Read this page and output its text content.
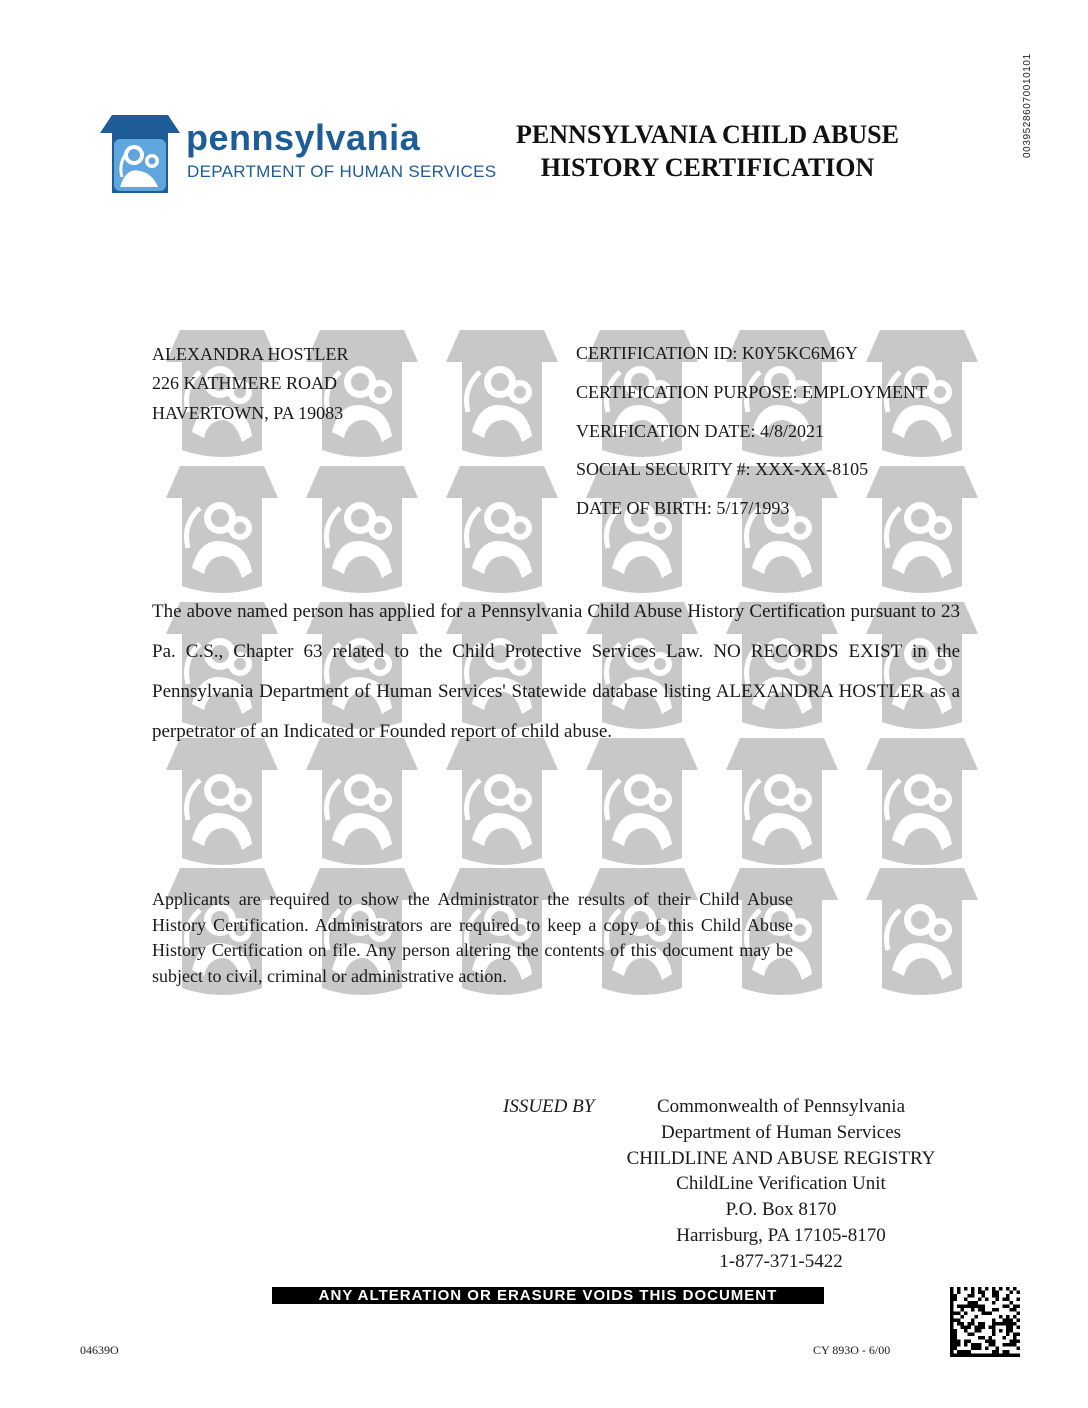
pennsylvania
DEPARTMENT OF HUMAN SERVICES
PENNSYLVANIA CHILD ABUSE
HISTORY CERTIFICATION
00395286070010101
ALEXANDRA HOSTLER
226 KATHMERE ROAD
HAVERTOWN, PA 19083
CERTIFICATION ID: K0Y5KC6M6Y
CERTIFICATION PURPOSE: EMPLOYMENT
VERIFICATION DATE: 4/8/2021
SOCIAL SECURITY #: XXX-XX-8105
DATE OF BIRTH: 5/17/1993
The above named person has applied for a Pennsylvania Child Abuse History Certification pursuant to 23 Pa. C.S., Chapter 63 related to the Child Protective Services Law. NO RECORDS EXIST in the Pennsylvania Department of Human Services' Statewide database listing ALEXANDRA HOSTLER as a perpetrator of an Indicated or Founded report of child abuse.
Applicants are required to show the Administrator the results of their Child Abuse History Certification. Administrators are required to keep a copy of this Child Abuse History Certification on file. Any person altering the contents of this document may be subject to civil, criminal or administrative action.
ISSUED BY	Commonwealth of Pennsylvania
Department of Human Services
CHILDLINE AND ABUSE REGISTRY
ChildLine Verification Unit
P.O. Box 8170
Harrisburg, PA 17105-8170
1-877-371-5422
ANY ALTERATION OR ERASURE VOIDS THIS DOCUMENT
04639O	CY 893O - 6/00
